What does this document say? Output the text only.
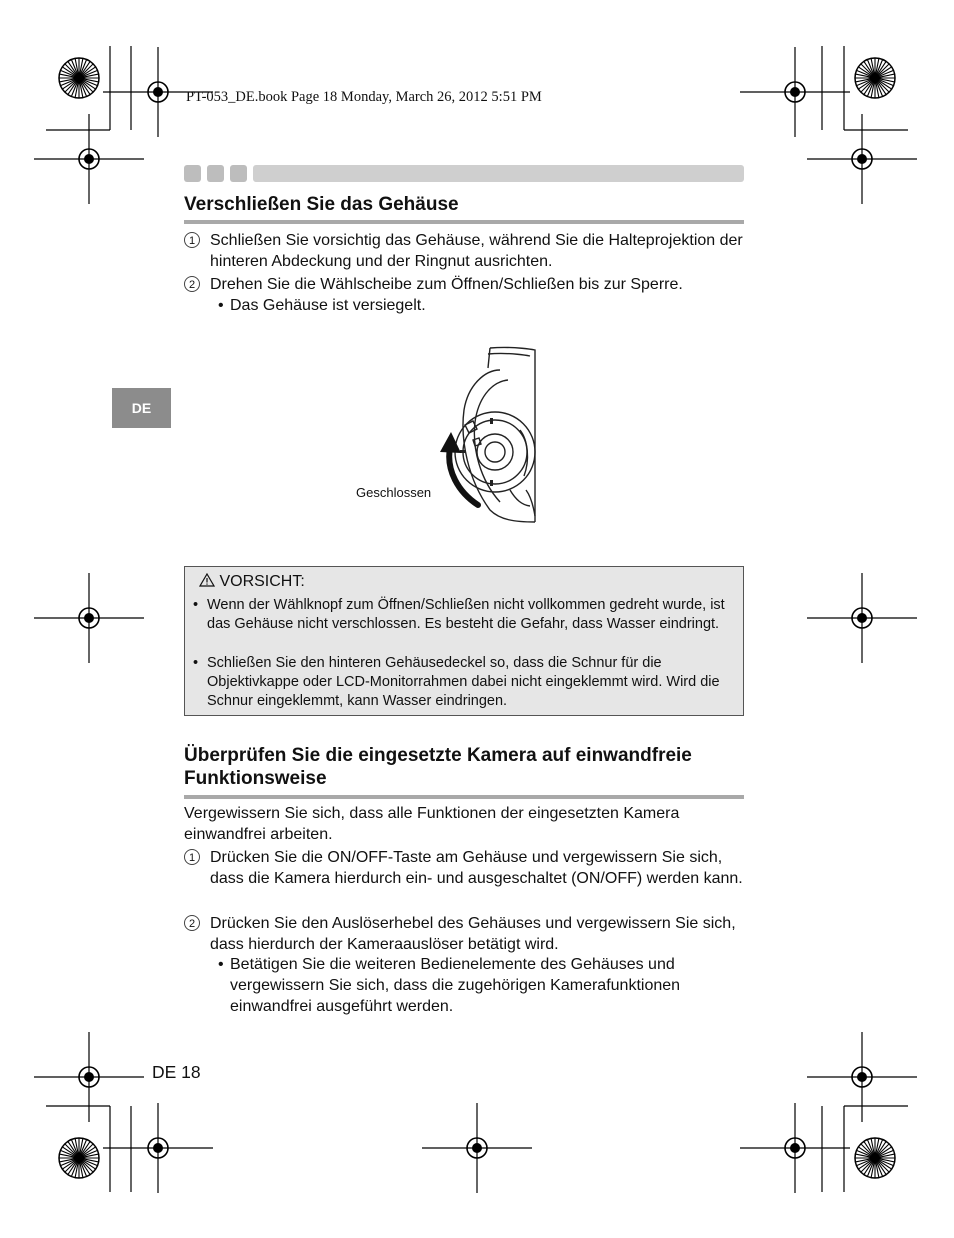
PT-053_DE.book Page 18 Monday, March 26, 2012 5:51 PM
Verschließen Sie das Gehäuse
1 Schließen Sie vorsichtig das Gehäuse, während Sie die Halteprojektion der hinteren Abdeckung und der Ringnut ausrichten.
2 Drehen Sie die Wählscheibe zum Öffnen/Schließen bis zur Sperre.
• Das Gehäuse ist versiegelt.
DE
Geschlossen
VORSICHT:
• Wenn der Wählknopf zum Öffnen/Schließen nicht vollkommen gedreht wurde, ist das Gehäuse nicht verschlossen. Es besteht die Gefahr, dass Wasser eindringt.
• Schließen Sie den hinteren Gehäusedeckel so, dass die Schnur für die Objektivkappe oder LCD-Monitorrahmen dabei nicht eingeklemmt wird. Wird die Schnur eingeklemmt, kann Wasser eindringen.
Überprüfen Sie die eingesetzte Kamera auf einwandfreie Funktionsweise
Vergewissern Sie sich, dass alle Funktionen der eingesetzten Kamera einwandfrei arbeiten.
1 Drücken Sie die ON/OFF-Taste am Gehäuse und vergewissern Sie sich, dass die Kamera hierdurch ein- und ausgeschaltet (ON/OFF) werden kann.
2 Drücken Sie den Auslöserhebel des Gehäuses und vergewissern Sie sich, dass hierdurch der Kameraauslöser betätigt wird.
• Betätigen Sie die weiteren Bedienelemente des Gehäuses und vergewissern Sie sich, dass die zugehörigen Kamerafunktionen einwandfrei ausgeführt werden.
DE 18
